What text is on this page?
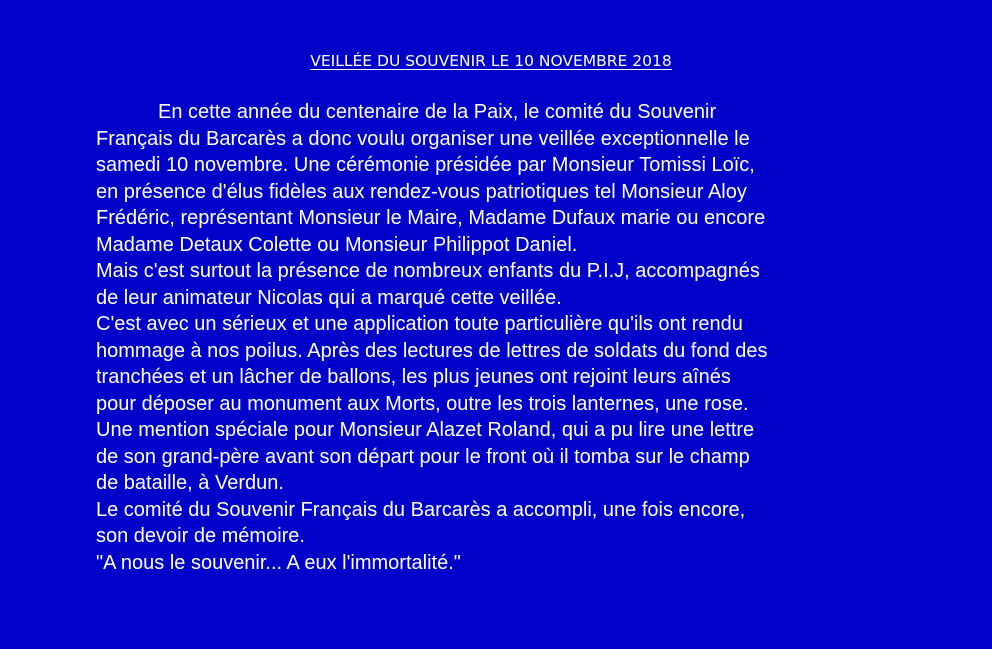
VEILLÉE DU SOUVENIR LE 10 NOVEMBRE 2018
En cette année du centenaire de la Paix, le comité du Souvenir
Français du Barcarès a donc voulu organiser une veillée exceptionnelle le
samedi 10 novembre. Une cérémonie présidée par Monsieur Tomissi Loïc,
en présence d'élus fidèles aux rendez-vous patriotiques tel Monsieur Aloy
Frédéric, représentant Monsieur le Maire, Madame Dufaux marie ou encore
Madame Detaux Colette ou Monsieur Philippot Daniel.
Mais c'est surtout la présence de nombreux enfants du P.I.J, accompagnés
de leur animateur Nicolas qui a marqué cette veillée.
C'est avec un sérieux et une application toute particulière qu'ils ont rendu
hommage à nos poilus. Après des lectures de lettres de soldats du fond des
tranchées et un lâcher de ballons, les plus jeunes ont rejoint leurs aînés
pour déposer au monument aux Morts, outre les trois lanternes, une rose.
Une mention spéciale pour Monsieur Alazet Roland, qui a pu lire une lettre
de son grand-père avant son départ pour le front où il tomba sur le champ
de bataille, à Verdun.
Le comité du Souvenir Français du Barcarès a accompli, une fois encore,
son devoir de mémoire.
"A nous le souvenir... A eux l'immortalité."
